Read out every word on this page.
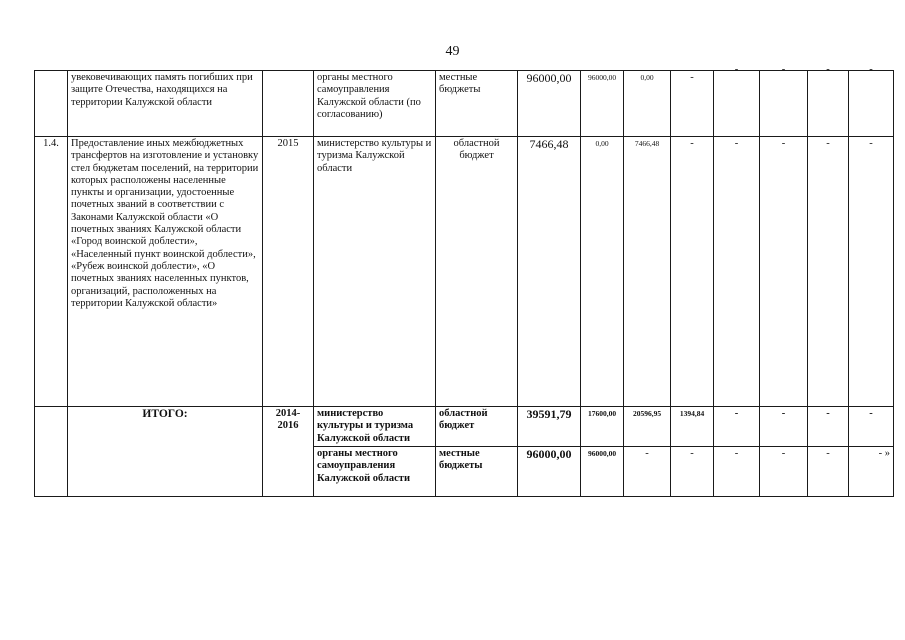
49
	увековечивающих память погибших при защите Отечества, находящихся на территории Калужской области		органы местного самоуправления Калужской области (по согласованию)	местные бюджеты	96000,00	96000,00	0,00	-	-	-	-	-

1.4.	Предоставление иных межбюджетных трансфертов на изготовление и установку стел бюджетам поселений, на территории которых расположены населенные пункты и организации, удостоенные почетных званий в соответствии с Законами Калужской области «О почетных званиях Калужской области «Город воинской доблести», «Населенный пункт воинской доблести», «Рубеж воинской доблести», «О почетных званиях населенных пунктов, организаций, расположенных на территории Калужской области»	2015	министерство культуры и туризма Калужской области	областной бюджет	7466,48	0,00	7466,48	-	-	-	-	-
	ИТОГО:	2014-2016	министерство культуры и туризма Калужской области	областной бюджет	39591,79	17600,00	20596,95	1394,84	-	-	-	-
			органы местного самоуправления Калужской области	местные бюджеты	96000,00	96000,00	-	-	-	-	-	- »
